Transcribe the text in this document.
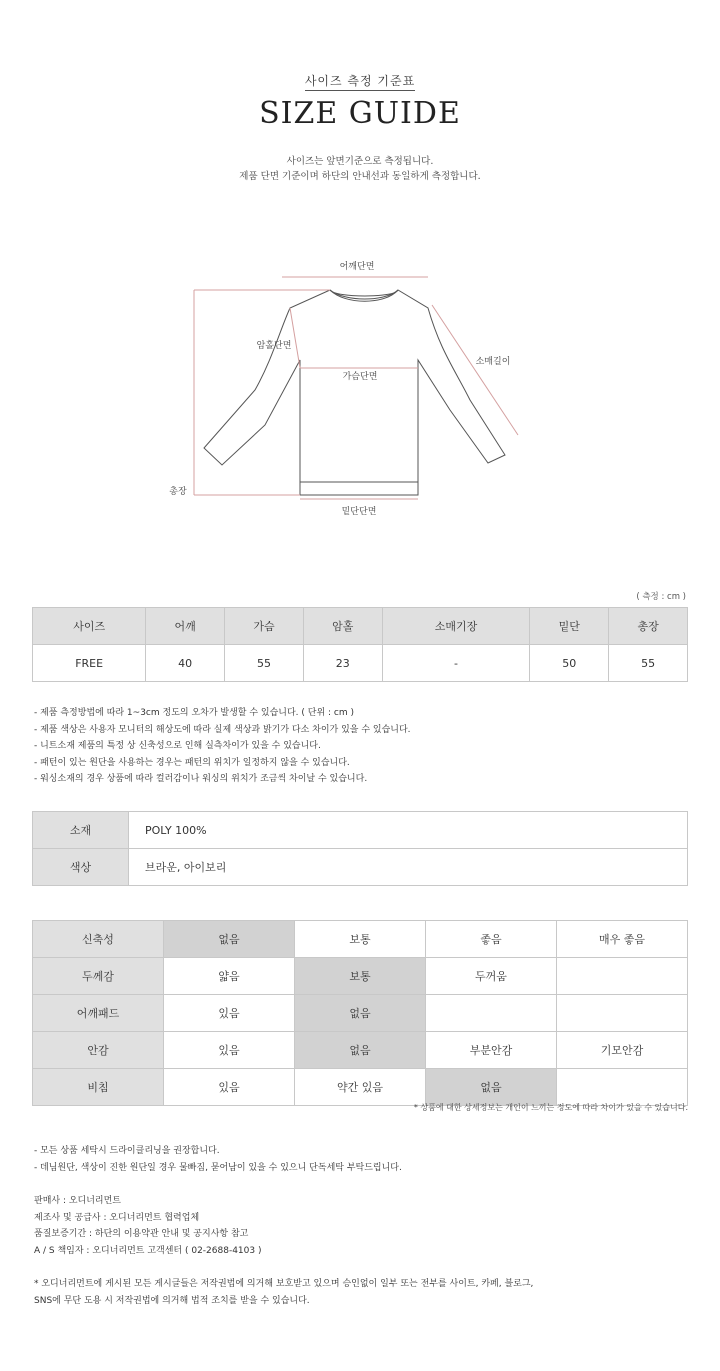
사이즈 측정 기준표
SIZE GUIDE
사이즈는 앞면기준으로 측정됩니다.
제품 단면 기준이며 하단의 안내선과 동일하게 측정합니다.
어깨단면
암홀단면
가슴단면
소매길이
총장
밑단단면
( 측정 : cm )
사이즈	어깨	가슴	암홀	소매기장	밑단	총장
FREE	40	55	23	-	50	55
- 제품 측정방법에 따라 1~3cm 정도의 오차가 발생할 수 있습니다. ( 단위 : cm )
- 제품 색상은 사용자 모니터의 해상도에 따라 실제 색상과 밝기가 다소 차이가 있을 수 있습니다.
- 니트소재 제품의 특정 상 신축성으로 인해 실측차이가 있을 수 있습니다.
- 패턴이 있는 원단을 사용하는 경우는 패턴의 위치가 일정하지 않을 수 있습니다.
- 워싱소재의 경우 상품에 따라 컬러감이나 워싱의 위치가 조금씩 차이날 수 있습니다.
소재	POLY 100%
색상	브라운, 아이보리
신축성	없음	보통	좋음	매우 좋음
두께감	얇음	보통	두꺼움	
어깨패드	있음	없음		
안감	있음	없음	부분안감	기모안감
비침	있음	약간 있음	없음	
* 상품에 대한 상세정보는 개인이 느끼는 정도에 따라 차이가 있을 수 있습니다.
- 모든 상품 세탁시 드라이클리닝을 권장합니다.
- 데님원단, 색상이 진한 원단일 경우 물빠짐, 묻어남이 있을 수 있으니 단독세탁 부탁드립니다.
판매사 : 오디너리먼트
제조사 및 공급사 : 오디너리먼트 협력업체
품질보증기간 : 하단의 이용약관 안내 및 공지사항 참고
A / S 책임자 : 오디너리먼트 고객센터 ( 02-2688-4103 )
* 오디너리먼트에 게시된 모든 게시글들은 저작권법에 의거해 보호받고 있으며 승인없이 일부 또는 전부를 사이트, 카페, 블로그,
SNS에 무단 도용 시 저작권법에 의거해 법적 조치를 받을 수 있습니다.
